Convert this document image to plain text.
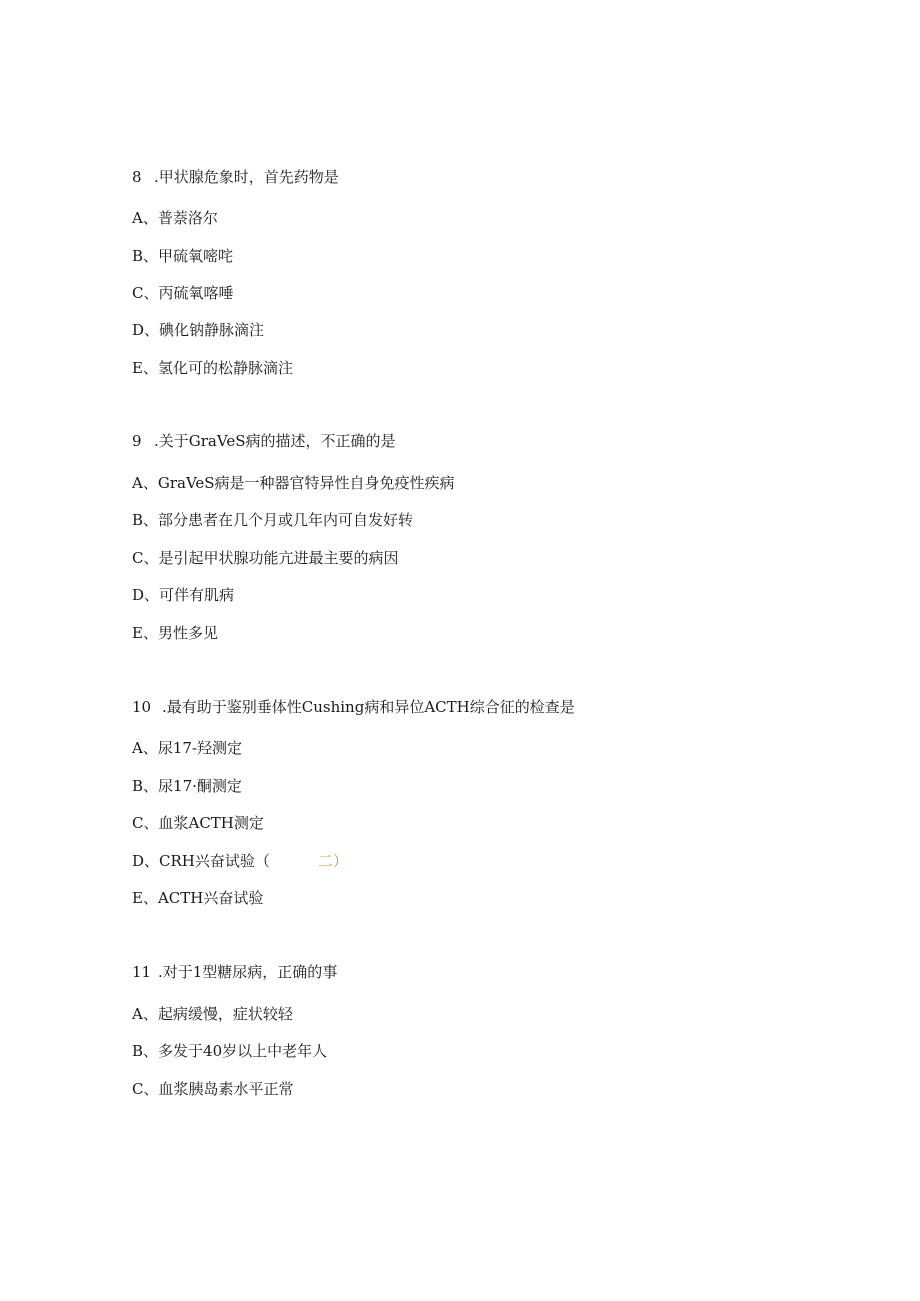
8 .甲状腺危象时，首先药物是
A、普萘洛尔
B、甲硫氧嘧咤
C、丙硫氧喀唾
D、碘化钠静脉滴注
E、氢化可的松静脉滴注
9 .关于GraVeS病的描述，不正确的是
A、GraVeS病是一种器官特异性自身免疫性疾病
B、部分患者在几个月或几年内可自发好转
C、是引起甲状腺功能亢进最主要的病因
D、可伴有肌病
E、男性多见
10 .最有助于鉴别垂体性Cushing病和异位ACTH综合征的检查是
A、尿17-羟测定
B、尿17·酮测定
C、血浆ACTH测定
D、CRH兴奋试验（	二）
E、ACTH兴奋试验
11 .对于1型糖尿病，正确的事
A、起病缓慢，症状较轻
B、多发于40岁以上中老年人
C、血浆胰岛素水平正常
